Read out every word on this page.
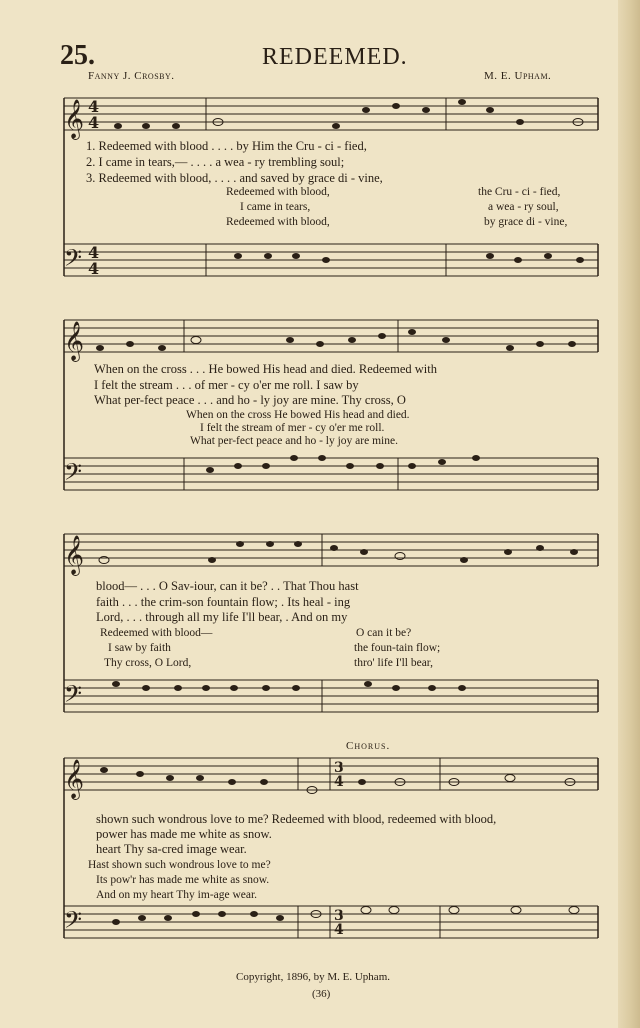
25.	REDEEMED.
Fanny J. Crosby.	M. E. Upham.
𝄞 4
4
𝄢 4
4
𝄞
𝄢
𝄞
𝄢
𝄞
𝄢
3
4
3
4
1. Redeemed with blood . . . . by Him the Cru - ci - fied,
2. I came in tears,— . . . . a wea - ry trembling soul;
3. Redeemed with blood, . . . . and saved by grace di - vine,
Redeemed with blood,	the Cru - ci - fied,
I came in tears,	a wea - ry soul,
Redeemed with blood,	by grace di - vine,
When on the cross . . . He bowed His head and died. Redeemed with
I felt the stream . . . of mer - cy o'er me roll. I saw by
What per-fect peace . . . and ho - ly joy are mine. Thy cross, O
When on the cross He bowed His head and died.
I felt the stream of mer - cy o'er me roll.
What per-fect peace and ho - ly joy are mine.
blood— . . . O Sav-iour, can it be? . . That Thou hast
faith . . . the crim-son fountain flow; . Its heal - ing
Lord, . . . through all my life I'll bear, . And on my
Redeemed with blood—	O can it be?
I saw by faith	the foun-tain flow;
Thy cross, O Lord,	thro' life I'll bear,
Chorus.
shown such wondrous love to me? Redeemed with blood, redeemed with blood,
power has made me white as snow.
heart Thy sa-cred image wear.
Hast shown such wondrous love to me?
Its pow'r has made me white as snow.
And on my heart Thy im-age wear.
Copyright, 1896, by M. E. Upham.
(36)
